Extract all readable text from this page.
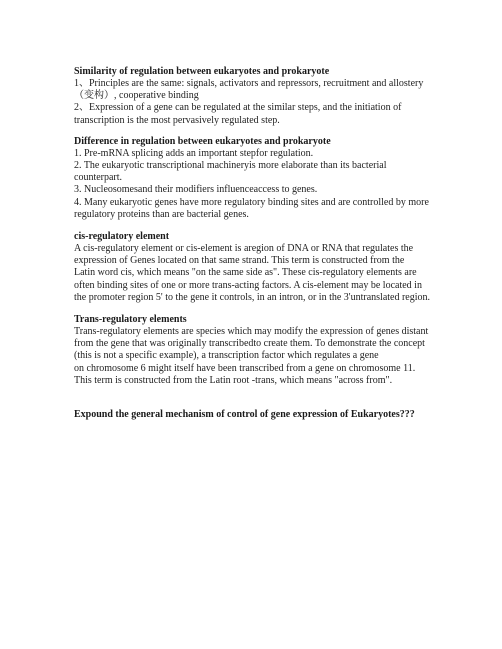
Similarity of regulation between eukaryotes and prokaryote

1、Principles are the same: signals, activators and repressors, recruitment and allostery

（变构）, cooperative binding

2、Expression of a gene can be regulated at the similar steps, and the initiation of

transcription is the most pervasively regulated step.

Difference in regulation between eukaryotes and prokaryote

1. Pre-mRNA splicing adds an important stepfor regulation.

2. The eukaryotic transcriptional machineryis more elaborate than its bacterial

counterpart.

3. Nucleosomesand their modifiers influenceaccess to genes.

4. Many eukaryotic genes have more regulatory binding sites and are controlled by more

regulatory proteins than are bacterial genes.

cis-regulatory element

A cis-regulatory element or cis-element is aregion of DNA or RNA that regulates the

expression of Genes located on that same strand. This term is constructed from the

Latin word cis, which means "on the same side as". These cis-regulatory elements are

often binding sites of one or more trans-acting factors. A cis-element may be located in

the promoter region 5' to the gene it controls, in an intron, or in the 3'untranslated region.

Trans-regulatory elements

Trans-regulatory elements are species which may modify the expression of genes distant

from the gene that was originally transcribedto create them. To demonstrate the concept

(this is not a specific example), a transcription factor which regulates a gene

on chromosome 6 might itself have been transcribed from a gene on chromosome 11.

This term is constructed from the Latin root -trans, which means "across from".

Expound the general mechanism of control of gene expression of Eukaryotes???
